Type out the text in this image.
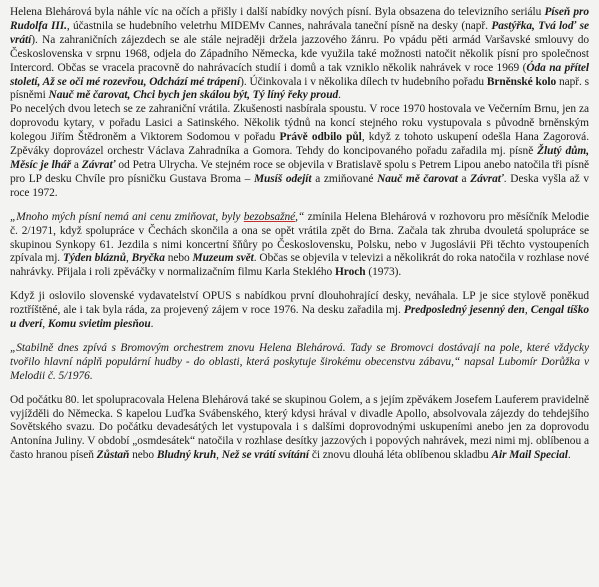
Helena Blehárová byla náhle víc na očích a přišly i další nabídky nových písní. Byla obsazena do televizního seriálu Píseň pro Rudolfa III., účastnila se hudebního veletrhu MIDEMv Cannes, nahrávala taneční písně na desky (např. Pastýřka, Tvá loď se vrátí). Na zahraničních zájezdech se ale stále nejraději držela jazzového žánru. Po vpádu pěti armád Varšavské smlouvy do Československa v srpnu 1968, odjela do Západního Německa, kde využila také možnosti natočit několik písní pro společnost Intercord. Občas se vracela pracovně do nahrávacích studií i domů a tak vzniklo několik nahrávek v roce 1969 (Óda na přítel století, Až se oči mé rozevřou, Odchází mé trápení). Účinkovala i v několika dílech tv hudebního pořadu Brněnské kolo např. s písněmi Nauč mě čarovat, Chci bych jen skálou být, Tý líný řeky proud.

Po necelých dvou letech se ze zahraniční vrátila. Zkušenosti nasbírala spoustu. V roce 1970 hostovala ve Večerním Brnu, jen za doprovodu kytary, v pořadu Lasici a Satinského. Několik týdnů na koncí stejného roku vystupovala s původně brněnským kolegou Jiřím Štědroněm a Viktorem Sodomou v pořadu Právě odbilo půl, když z tohoto uskupení odešla Hana Zagorová. Zpěváky doprovázel orchestr Václava Zahradníka a Gomora. Tehdy do koncipovaného pořadu zařadila mj. písně Žlutý dům, Měsíc je lhář a Závrať od Petra Ulrycha. Ve stejném roce se objevila v Bratislavě spolu s Petrem Lipou anebo natočila tři písně pro LP desku Chvíle pro písničku Gustava Broma – Musíš odejít a zmiňované Nauč mě čarovat a Závrať. Deska vyšla až v roce 1972.

„Mnoho mých písní nemá ani cenu zmiňovat, byly bezobsažné,“ zmínila Helena Blehárová v rozhovoru pro měsíčník Melodie č. 2/1971, když spolupráce v Čechách skončila a ona se opět vrátila zpět do Brna. Začala tak zhruba dvouletá spolupráce se skupinou Synkopy 61. Jezdila s nimi koncertní šňůry po Československu, Polsku, nebo v Jugoslávii Při těchto vystoupeních zpívala mj. Týden bláznů, Bryčka nebo Muzeum svět. Občas se objevila v televizi a několikrát do roka natočila v rozhlase nové nahrávky. Přijala i roli zpěváčky v normalizačním filmu Karla Steklého Hroch (1973).

Když ji oslovilo slovenské vydavatelství OPUS s nabídkou první dlouhohrající desky, neváhala. LP je sice stylově poněkud roztříštěné, ale i tak byla ráda, za projevený zájem v roce 1976. Na desku zařadila mj. Predposledný jesenný den, Cengal tíško u dverí, Komu svietim piesňou.

„Stabilně dnes zpívá s Bromovým orchestrem znovu Helena Blehárová. Tady se Bromovci dostávají na pole, které vždycky tvořilo hlavní náplň populární hudby - do oblasti, která poskytuje širokému obecenstvu zábavu,“ napsal Lubomír Dorůžka v Melodii č. 5/1976.

Od počátku 80. let spolupracovala Helena Blehárová také se skupinou Golem, a s jejím zpěvákem Josefem Lauferem pravidelně vyjížděli do Německa. S kapelou Luďka Svábenského, který kdysi hrával v divadle Apollo, absolvovala zájezdy do tehdejšího Sovětského svazu. Do počátku devadesátých let vystupovala i s dalšími doprovodnými uskupeními anebo jen za doprovodu Antonína Juliny. V období „osmdesátek“ natočila v rozhlase desítky jazzových i popových nahrávek, mezi nimi mj. oblíbenou a často hranou píseň Zůstaň nebo Bludný kruh, Než se vrátí svítání či znovu dlouhá léta oblíbenou skladbu Air Mail Special.
